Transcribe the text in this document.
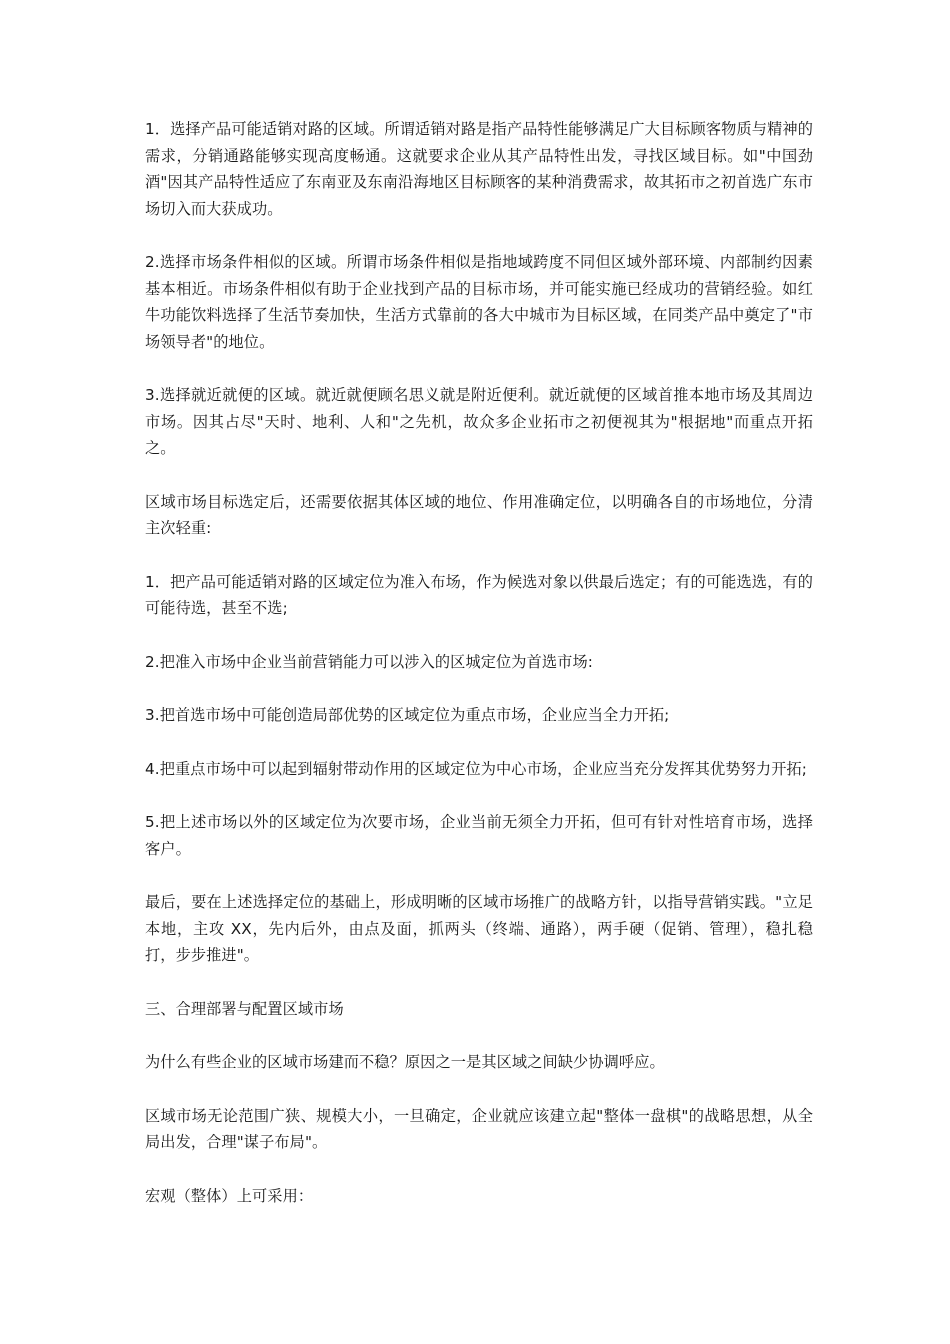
1．选择产品可能适销对路的区域。所谓适销对路是指产品特性能够满足广大目标顾客物质与精神的需求，分销通路能够实现高度畅通。这就要求企业从其产品特性出发，寻找区域目标。如"中国劲酒"因其产品特性适应了东南亚及东南沿海地区目标顾客的某种消费需求，故其拓市之初首选广东市场切入而大获成功。

2.选择市场条件相似的区域。所谓市场条件相似是指地域跨度不同但区域外部环境、内部制约因素基本相近。市场条件相似有助于企业找到产品的目标市场，并可能实施已经成功的营销经验。如红牛功能饮料选择了生活节奏加快，生活方式靠前的各大中城市为目标区域，在同类产品中奠定了"市场领导者"的地位。

3.选择就近就便的区域。就近就便顾名思义就是附近便利。就近就便的区域首推本地市场及其周边市场。因其占尽"天时、地利、人和"之先机，故众多企业拓市之初便视其为"根据地"而重点开拓之。

区域市场目标选定后，还需要依据其体区域的地位、作用准确定位，以明确各自的市场地位，分清主次轻重:

1．把产品可能适销对路的区域定位为准入布场，作为候选对象以供最后选定；有的可能选选，有的可能待选，甚至不选;

2.把准入市场中企业当前营销能力可以涉入的区城定位为首选市场:

3.把首选市场中可能创造局部优势的区域定位为重点市场，企业应当全力开拓;

4.把重点市场中可以起到辐射带动作用的区域定位为中心市场，企业应当充分发挥其优势努力开拓;

5.把上述市场以外的区域定位为次要市场，企业当前无须全力开拓，但可有针对性培育市场，选择客户。

最后，要在上述选择定位的基础上，形成明晰的区域市场推广的战略方针，以指导营销实践。"立足本地，主攻 XX，先内后外，由点及面，抓两头（终端、通路），两手硬（促销、管理），稳扎稳打，步步推进"。

三、合理部署与配置区域市场

为什么有些企业的区域市场建而不稳？原因之一是其区域之间缺少协调呼应。

区域市场无论范围广狭、规模大小，一旦确定，企业就应该建立起"整体一盘棋"的战略思想，从全局出发，合理"谋子布局"。

宏观（整体）上可采用：
